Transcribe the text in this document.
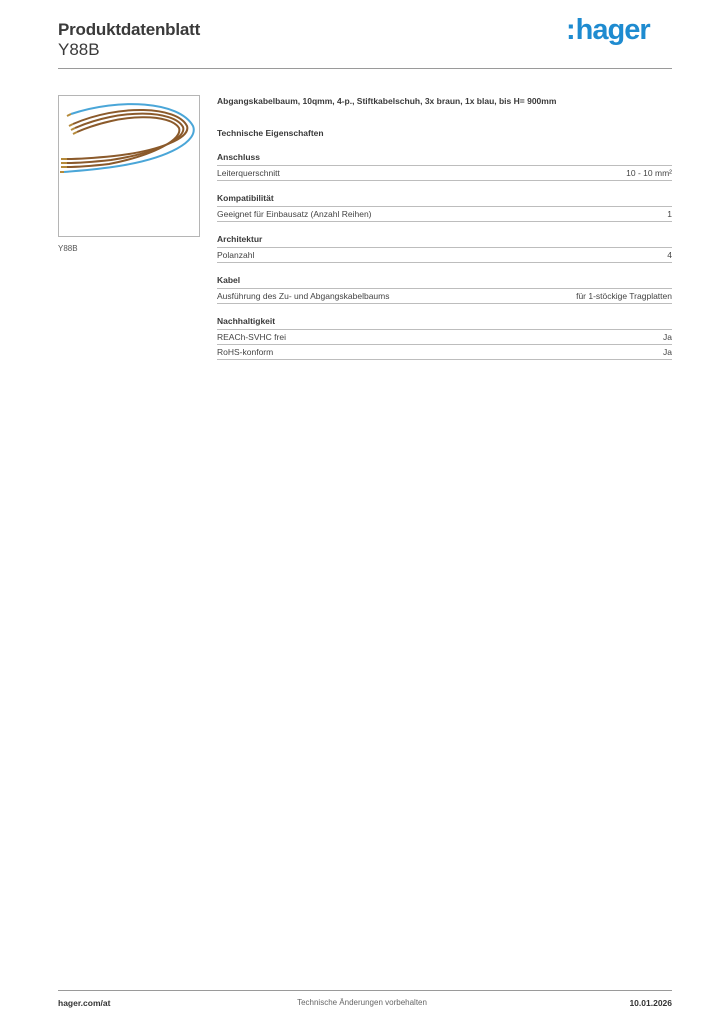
Produktdatenblatt
Y88B
:hager
Y88B
Abgangskabelbaum, 10qmm, 4-p., Stiftkabelschuh, 3x braun, 1x blau, bis H= 900mm
Technische Eigenschaften
Anschluss
Leiterquerschnitt	10 - 10 mm²
Kompatibilität
Geeignet für Einbausatz (Anzahl Reihen)	1
Architektur
Polanzahl	4
Kabel
Ausführung des Zu- und Abgangskabelbaums	für 1-stöckige Tragplatten
Nachhaltigkeit
REACh-SVHC frei	Ja
RoHS-konform	Ja
hager.com/at	Technische Änderungen vorbehalten	10.01.2026
